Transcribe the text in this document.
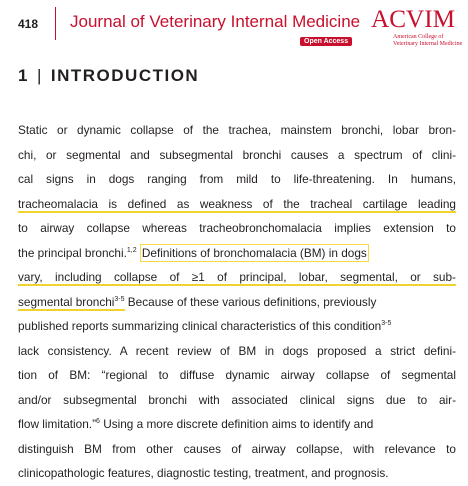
418 Journal of Veterinary Internal Medicine
Open Access
ACVIM
American College of
Veterinary Internal Medicine
1 | INTRODUCTION
Static or dynamic collapse of the trachea, mainstem bronchi, lobar bron-
chi, or segmental and subsegmental bronchi causes a spectrum of clini-
cal signs in dogs ranging from mild to life-threatening. In humans,
tracheomalacia is defined as weakness of the tracheal cartilage leading
to airway collapse whereas tracheobronchomalacia implies extension to
the principal bronchi.$^{1,2}$ Definitions of bronchomalacia (BM) in dogs
vary, including collapse of ≥1 of principal, lobar, segmental, or sub-
segmental bronchi$^{3-5}$ Because of these various definitions, previously
published reports summarizing clinical characteristics of this condition$^{3-5}$
lack consistency. A recent review of BM in dogs proposed a strict defini-
tion of BM: “regional to diffuse dynamic airway collapse of segmental
and/or subsegmental bronchi with associated clinical signs due to air-
flow limitation.”$^6$ Using a more discrete definition aims to identify and
distinguish BM from other causes of airway collapse, with relevance to
clinicopathologic features, diagnostic testing, treatment, and prognosis.
